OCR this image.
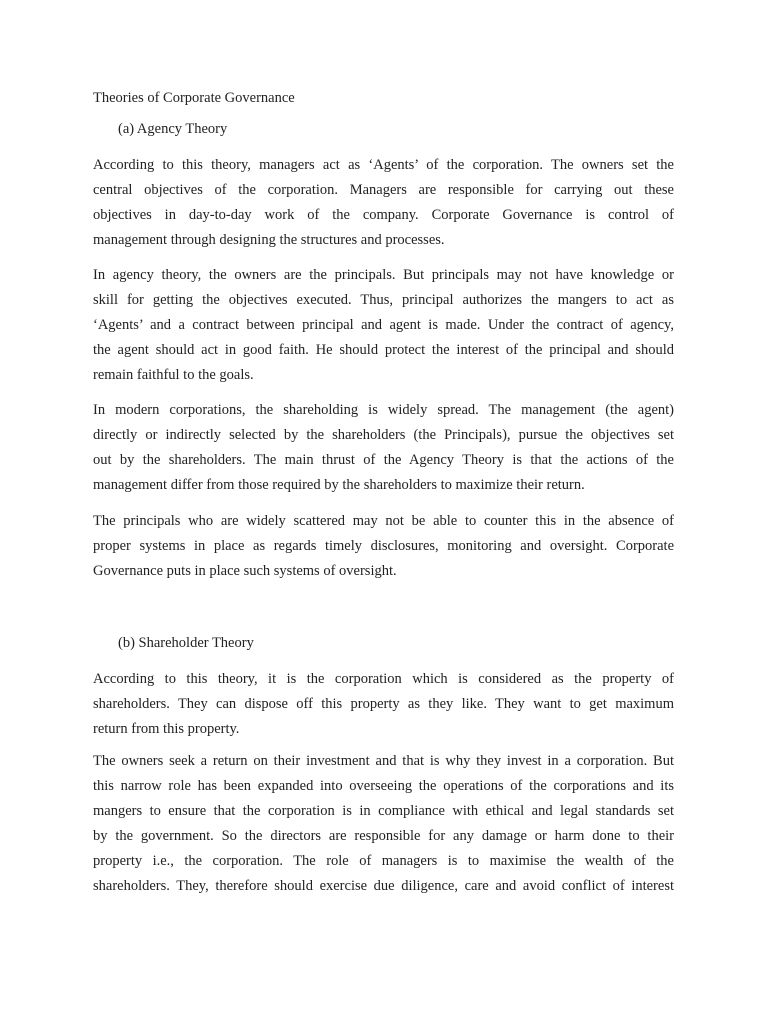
Theories of Corporate Governance

(a) Agency Theory

According to this theory, managers act as ‘Agents’ of the corporation. The owners set the
central objectives of the corporation. Managers are responsible for carrying out these
objectives in day-to-day work of the company. Corporate Governance is control of
management through designing the structures and processes.
In agency theory, the owners are the principals. But principals may not have knowledge or
skill for getting the objectives executed. Thus, principal authorizes the mangers to act as
‘Agents’ and a contract between principal and agent is made. Under the contract of agency,
the agent should act in good faith. He should protect the interest of the principal and should
remain faithful to the goals.
In modern corporations, the shareholding is widely spread. The management (the agent)
directly or indirectly selected by the shareholders (the Principals), pursue the objectives set
out by the shareholders. The main thrust of the Agency Theory is that the actions of the
management differ from those required by the shareholders to maximize their return.
The principals who are widely scattered may not be able to counter this in the absence of
proper systems in place as regards timely disclosures, monitoring and oversight. Corporate
Governance puts in place such systems of oversight.

(b) Shareholder Theory

According to this theory, it is the corporation which is considered as the property of
shareholders. They can dispose off this property as they like. They want to get maximum
return from this property.
The owners seek a return on their investment and that is why they invest in a corporation. But
this narrow role has been expanded into overseeing the operations of the corporations and its
mangers to ensure that the corporation is in compliance with ethical and legal standards set
by the government. So the directors are responsible for any damage or harm done to their
property i.e., the corporation. The role of managers is to maximise the wealth of the
shareholders. They, therefore should exercise due diligence, care and avoid conflict of interest
